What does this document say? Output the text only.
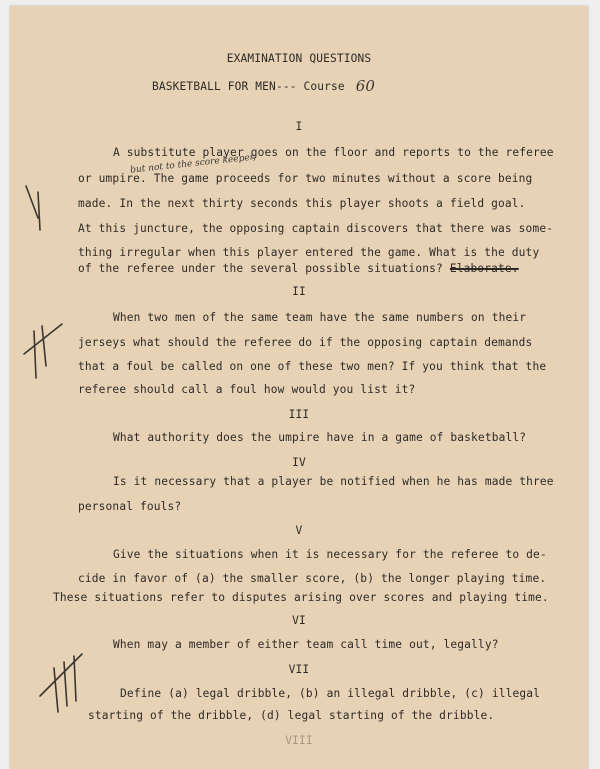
EXAMINATION QUESTIONS
BASKETBALL FOR MEN--- Course 60
I
A substitute player goes on the floor and reports to the referee
but not to the score keeper,
or umpire. The game proceeds for two minutes without a score being
made. In the next thirty seconds this player shoots a field goal.
At this juncture, the opposing captain discovers that there was some-
thing irregular when this player entered the game. What is the duty
of the referee under the several possible situations? Elaborate.
II
When two men of the same team have the same numbers on their
jerseys what should the referee do if the opposing captain demands
that a foul be called on one of these two men? If you think that the
referee should call a foul how would you list it?
III
What authority does the umpire have in a game of basketball?
IV
Is it necessary that a player be notified when he has made three
personal fouls?
V
Give the situations when it is necessary for the referee to de-
cide in favor of (a) the smaller score, (b) the longer playing time.
These situations refer to disputes arising over scores and playing time.
VI
When may a member of either team call time out, legally?
VII
Define (a) legal dribble, (b) an illegal dribble, (c) illegal
starting of the dribble, (d) legal starting of the dribble.
VIII
